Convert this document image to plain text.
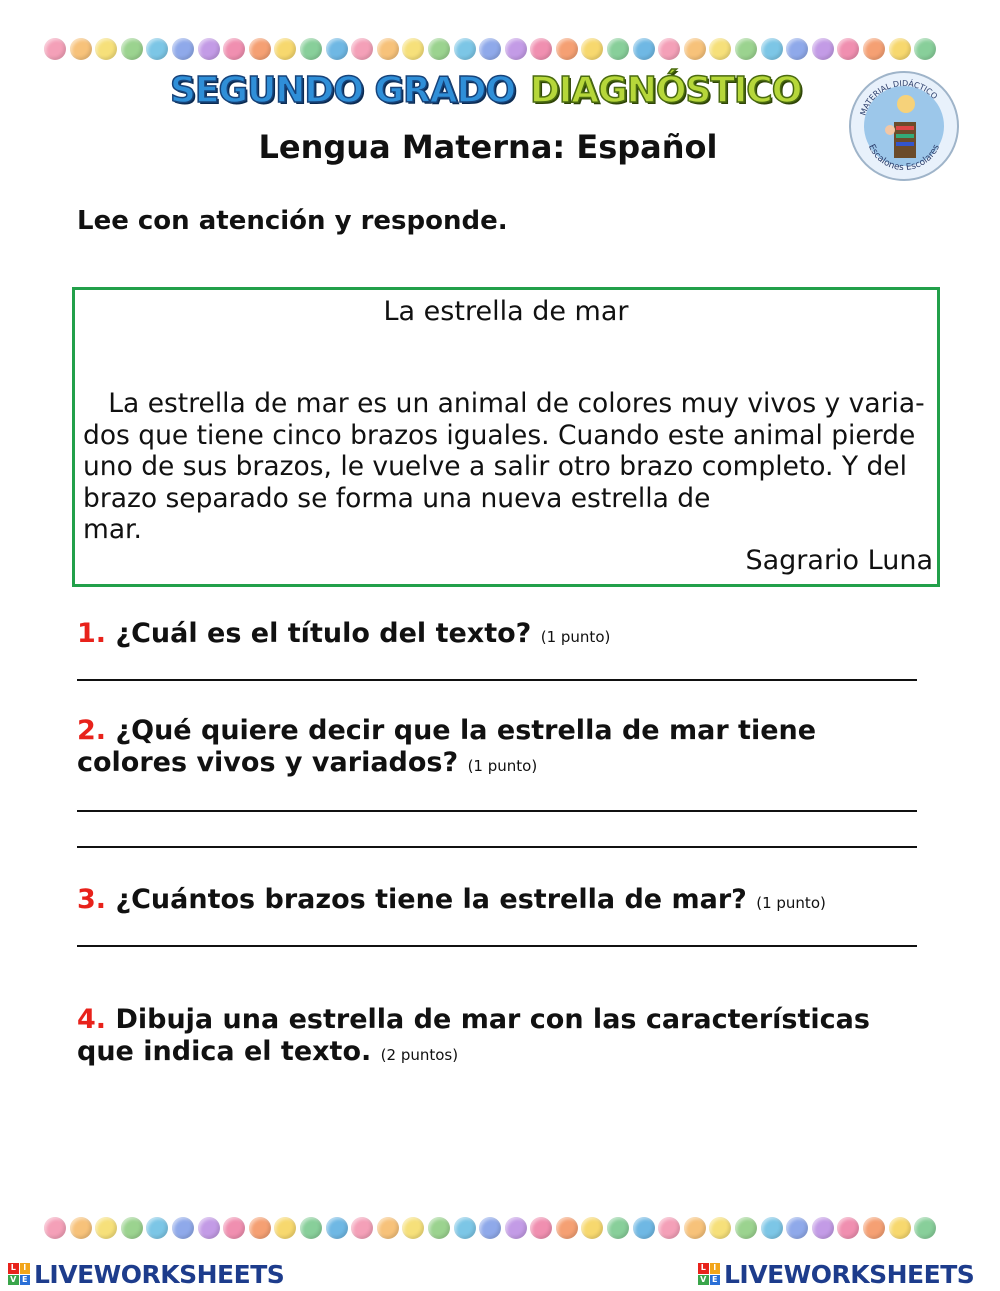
SEGUNDO GRADO DIAGNÓSTICO
MATERIAL DIDÁCTICO
Escalones Escolares
Lengua Materna: Español
Lee con atención y responde.
La estrella de mar

La estrella de mar es un animal de colores muy vivos y varia-

dos que tiene cinco brazos iguales. Cuando este animal pierde

uno de sus brazos, le vuelve a salir otro brazo completo. Y del

brazo separado se forma una nueva estrella de

mar.

Sagrario Luna
1. ¿Cuál es el título del texto? (1 punto)
2. ¿Qué quiere decir que la estrella de mar tiene colores vivos y variados? (1 punto)
3. ¿Cuántos brazos tiene la estrella de mar? (1 punto)
4. Dibuja una estrella de mar con las características que indica el texto. (2 puntos)
L I
V E LIVEWORKSHEETS	L I
V E LIVEWORKSHEETS
